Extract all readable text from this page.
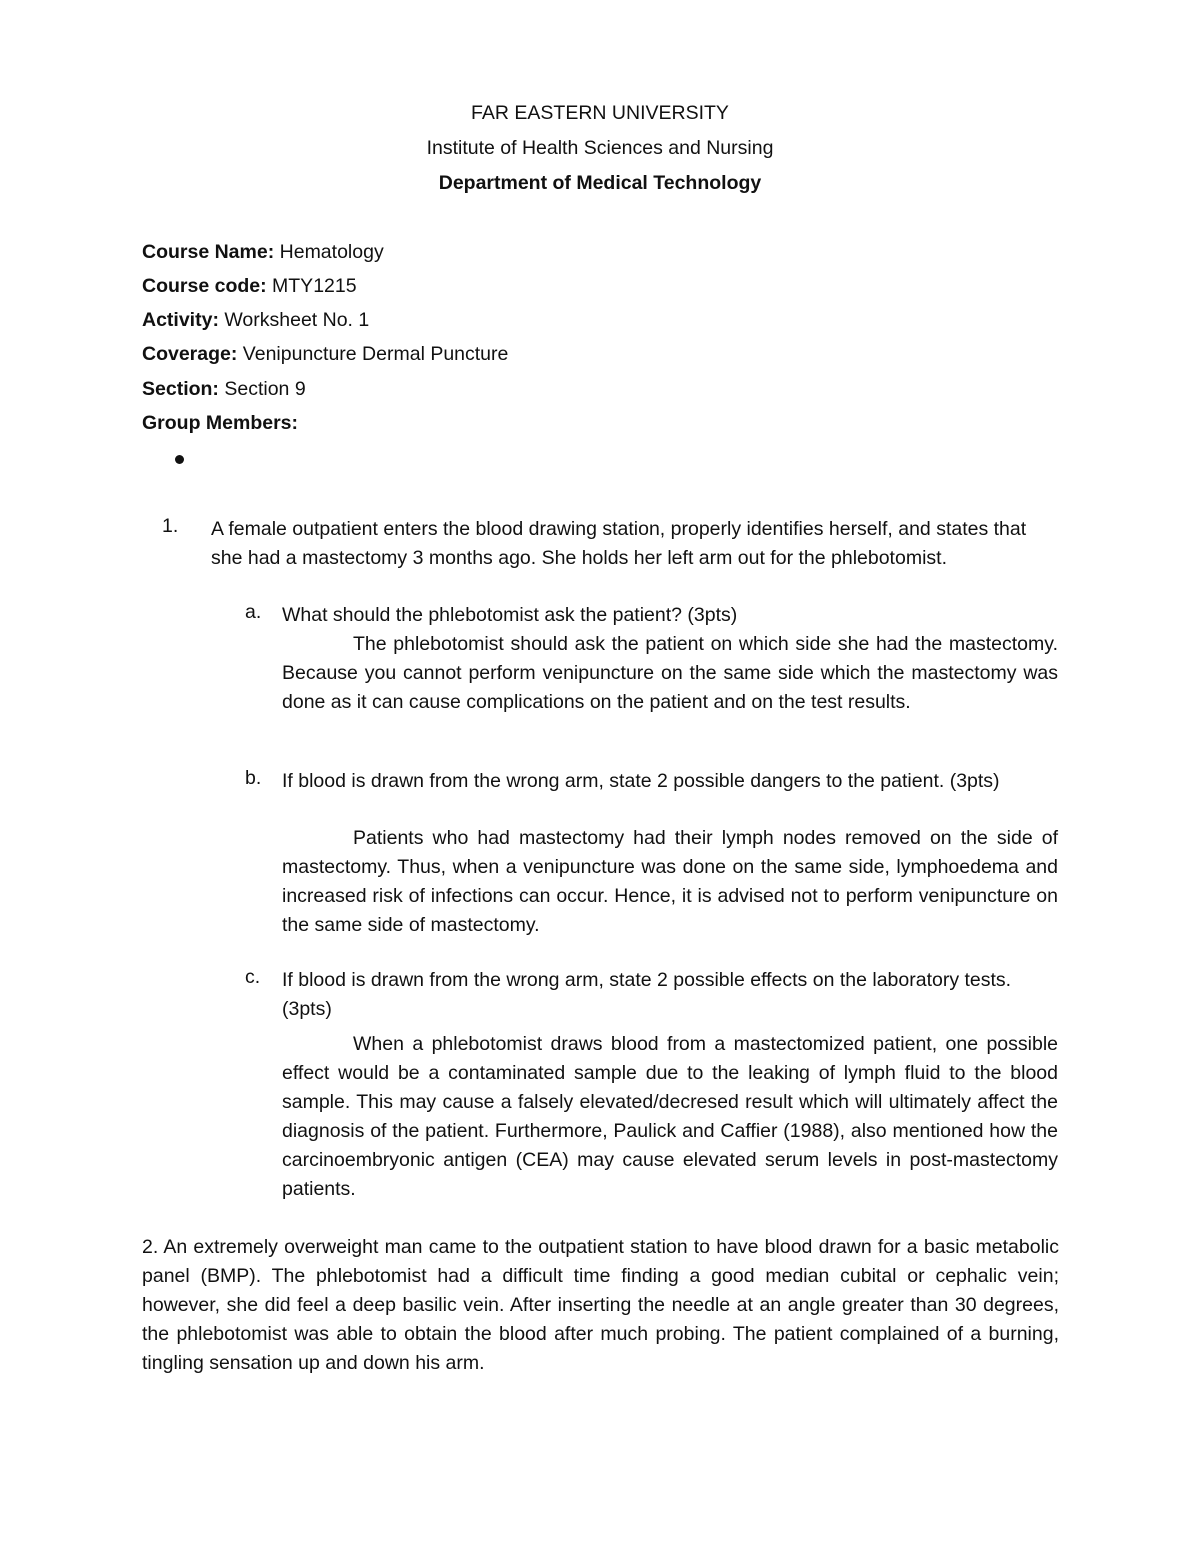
FAR EASTERN UNIVERSITY
Institute of Health Sciences and Nursing
Department of Medical Technology
Course Name: Hematology
Course code: MTY1215
Activity: Worksheet No. 1
Coverage: Venipuncture Dermal Puncture
Section: Section 9
Group Members:
1. A female outpatient enters the blood drawing station, properly identifies herself, and states that she had a mastectomy 3 months ago. She holds her left arm out for the phlebotomist.
a. What should the phlebotomist ask the patient? (3pts)
The phlebotomist should ask the patient on which side she had the mastectomy. Because you cannot perform venipuncture on the same side which the mastectomy was done as it can cause complications on the patient and on the test results.
b. If blood is drawn from the wrong arm, state 2 possible dangers to the patient. (3pts)
Patients who had mastectomy had their lymph nodes removed on the side of mastectomy. Thus, when a venipuncture was done on the same side, lymphoedema and increased risk of infections can occur. Hence, it is advised not to perform venipuncture on the same side of mastectomy.
c. If blood is drawn from the wrong arm, state 2 possible effects on the laboratory tests. (3pts)
When a phlebotomist draws blood from a mastectomized patient, one possible effect would be a contaminated sample due to the leaking of lymph fluid to the blood sample. This may cause a falsely elevated/decresed result which will ultimately affect the diagnosis of the patient. Furthermore, Paulick and Caffier (1988), also mentioned how the carcinoembryonic antigen (CEA) may cause elevated serum levels in post-mastectomy patients.
2. An extremely overweight man came to the outpatient station to have blood drawn for a basic metabolic panel (BMP). The phlebotomist had a difficult time finding a good median cubital or cephalic vein; however, she did feel a deep basilic vein. After inserting the needle at an angle greater than 30 degrees, the phlebotomist was able to obtain the blood after much probing. The patient complained of a burning, tingling sensation up and down his arm.
